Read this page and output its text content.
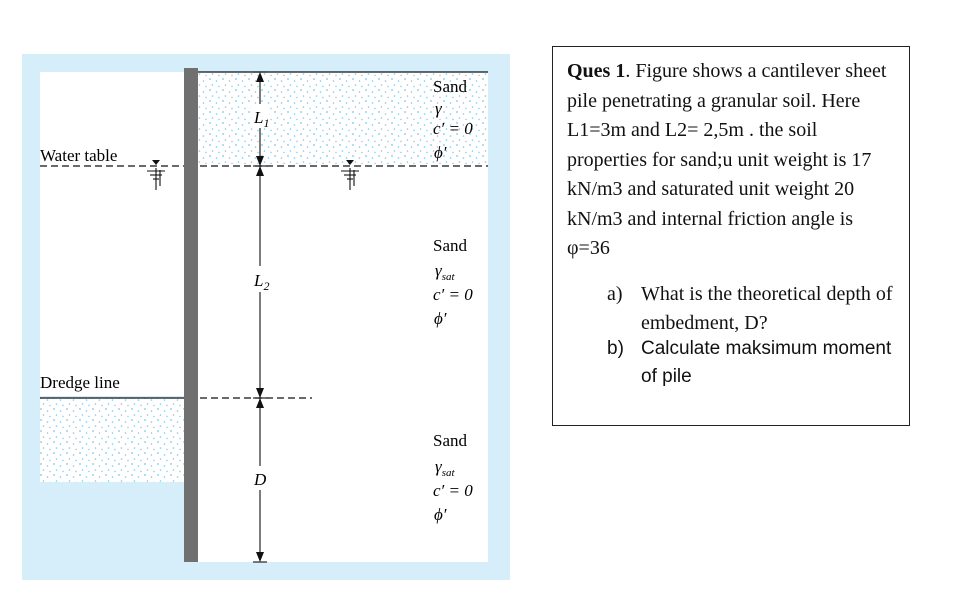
$L_1$
$L_2$
D
Water table
Dredge line
Sand
γ
c′ = 0
ϕ′
Sand
$\gamma_{sat}$
c′ = 0
ϕ′
Sand
$\gamma_{sat}$
c′ = 0
ϕ′
Ques 1. Figure shows a cantilever sheet pile penetrating a granular soil. Here L1=3m and L2= 2,5m . the soil properties for sand;u unit weight is 17 kN/m3 and saturated unit weight 20 kN/m3 and internal friction angle is φ=36
a) What is the theoretical depth of embedment, D?
b) Calculate maksimum moment of pile
